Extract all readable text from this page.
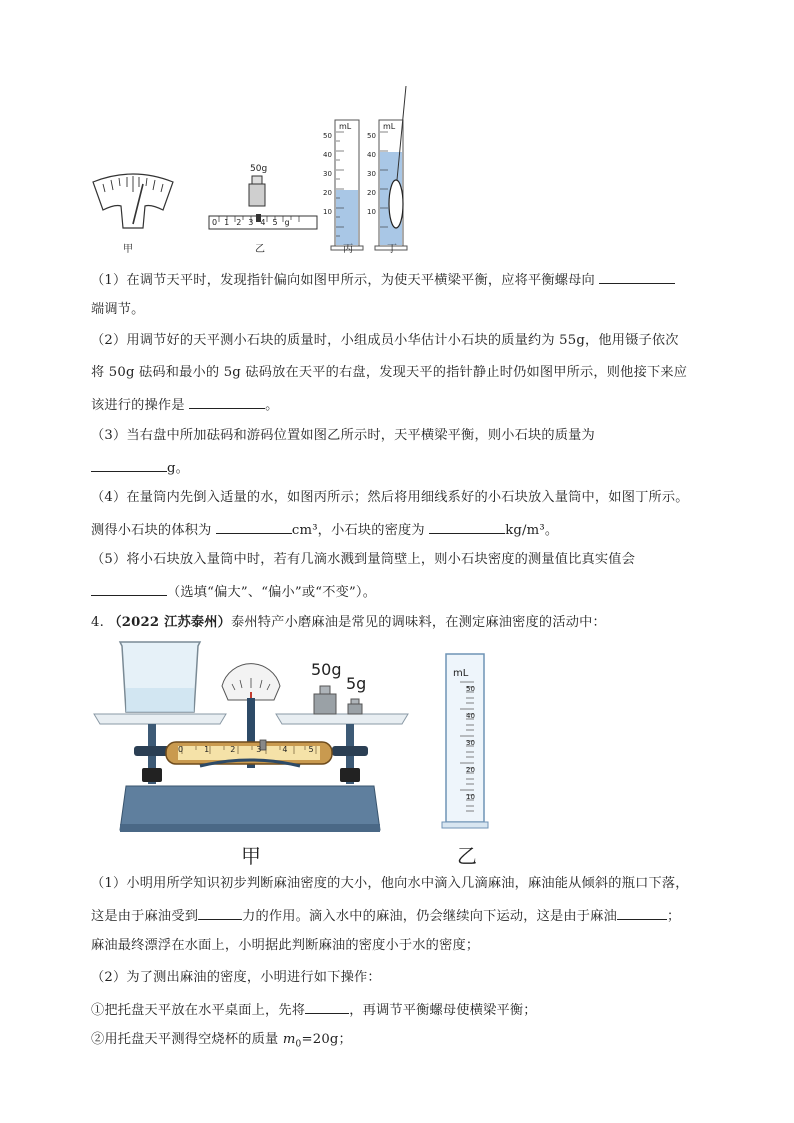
甲	乙	丙	丁
50g
012345g
mL	mL
50
40
30
20
10
50
40
30
20
10
（1）在调节天平时，发现指针偏向如图甲所示，为使天平横梁平衡，应将平衡螺母向
端调节。
（2）用调节好的天平测小石块的质量时，小组成员小华估计小石块的质量约为 55g，他用镊子依次
将 50g 砝码和最小的 5g 砝码放在天平的右盘，发现天平的指针静止时仍如图甲所示，则他接下来应
该进行的操作是	。
（3）当右盘中所加砝码和游码位置如图乙所示时，天平横梁平衡，则小石块的质量为
g。
（4）在量筒内先倒入适量的水，如图丙所示；然后将用细线系好的小石块放入量筒中，如图丁所示。
测得小石块的体积为	cm³，小石块的密度为	kg/m³。
（5）将小石块放入量筒中时，若有几滴水溅到量筒壁上，则小石块密度的测量值比真实值会
（选填“偏大”、“偏小”或“不变”）。
4. （2022 江苏泰州）泰州特产小磨麻油是常见的调味料，在测定麻油密度的活动中：
50g
5g
012345
mL
50
40
30
20
10
甲	乙
（1）小明用所学知识初步判断麻油密度的大小，他向水中滴入几滴麻油，麻油能从倾斜的瓶口下落，
这是由于麻油受到	力的作用。滴入水中的麻油，仍会继续向下运动，这是由于麻油	；
麻油最终漂浮在水面上，小明据此判断麻油的密度小于水的密度；
（2）为了测出麻油的密度，小明进行如下操作：
①把托盘天平放在水平桌面上，先将	，再调节平衡螺母使横梁平衡；
②用托盘天平测得空烧杯的质量 $m_0=20g$；
